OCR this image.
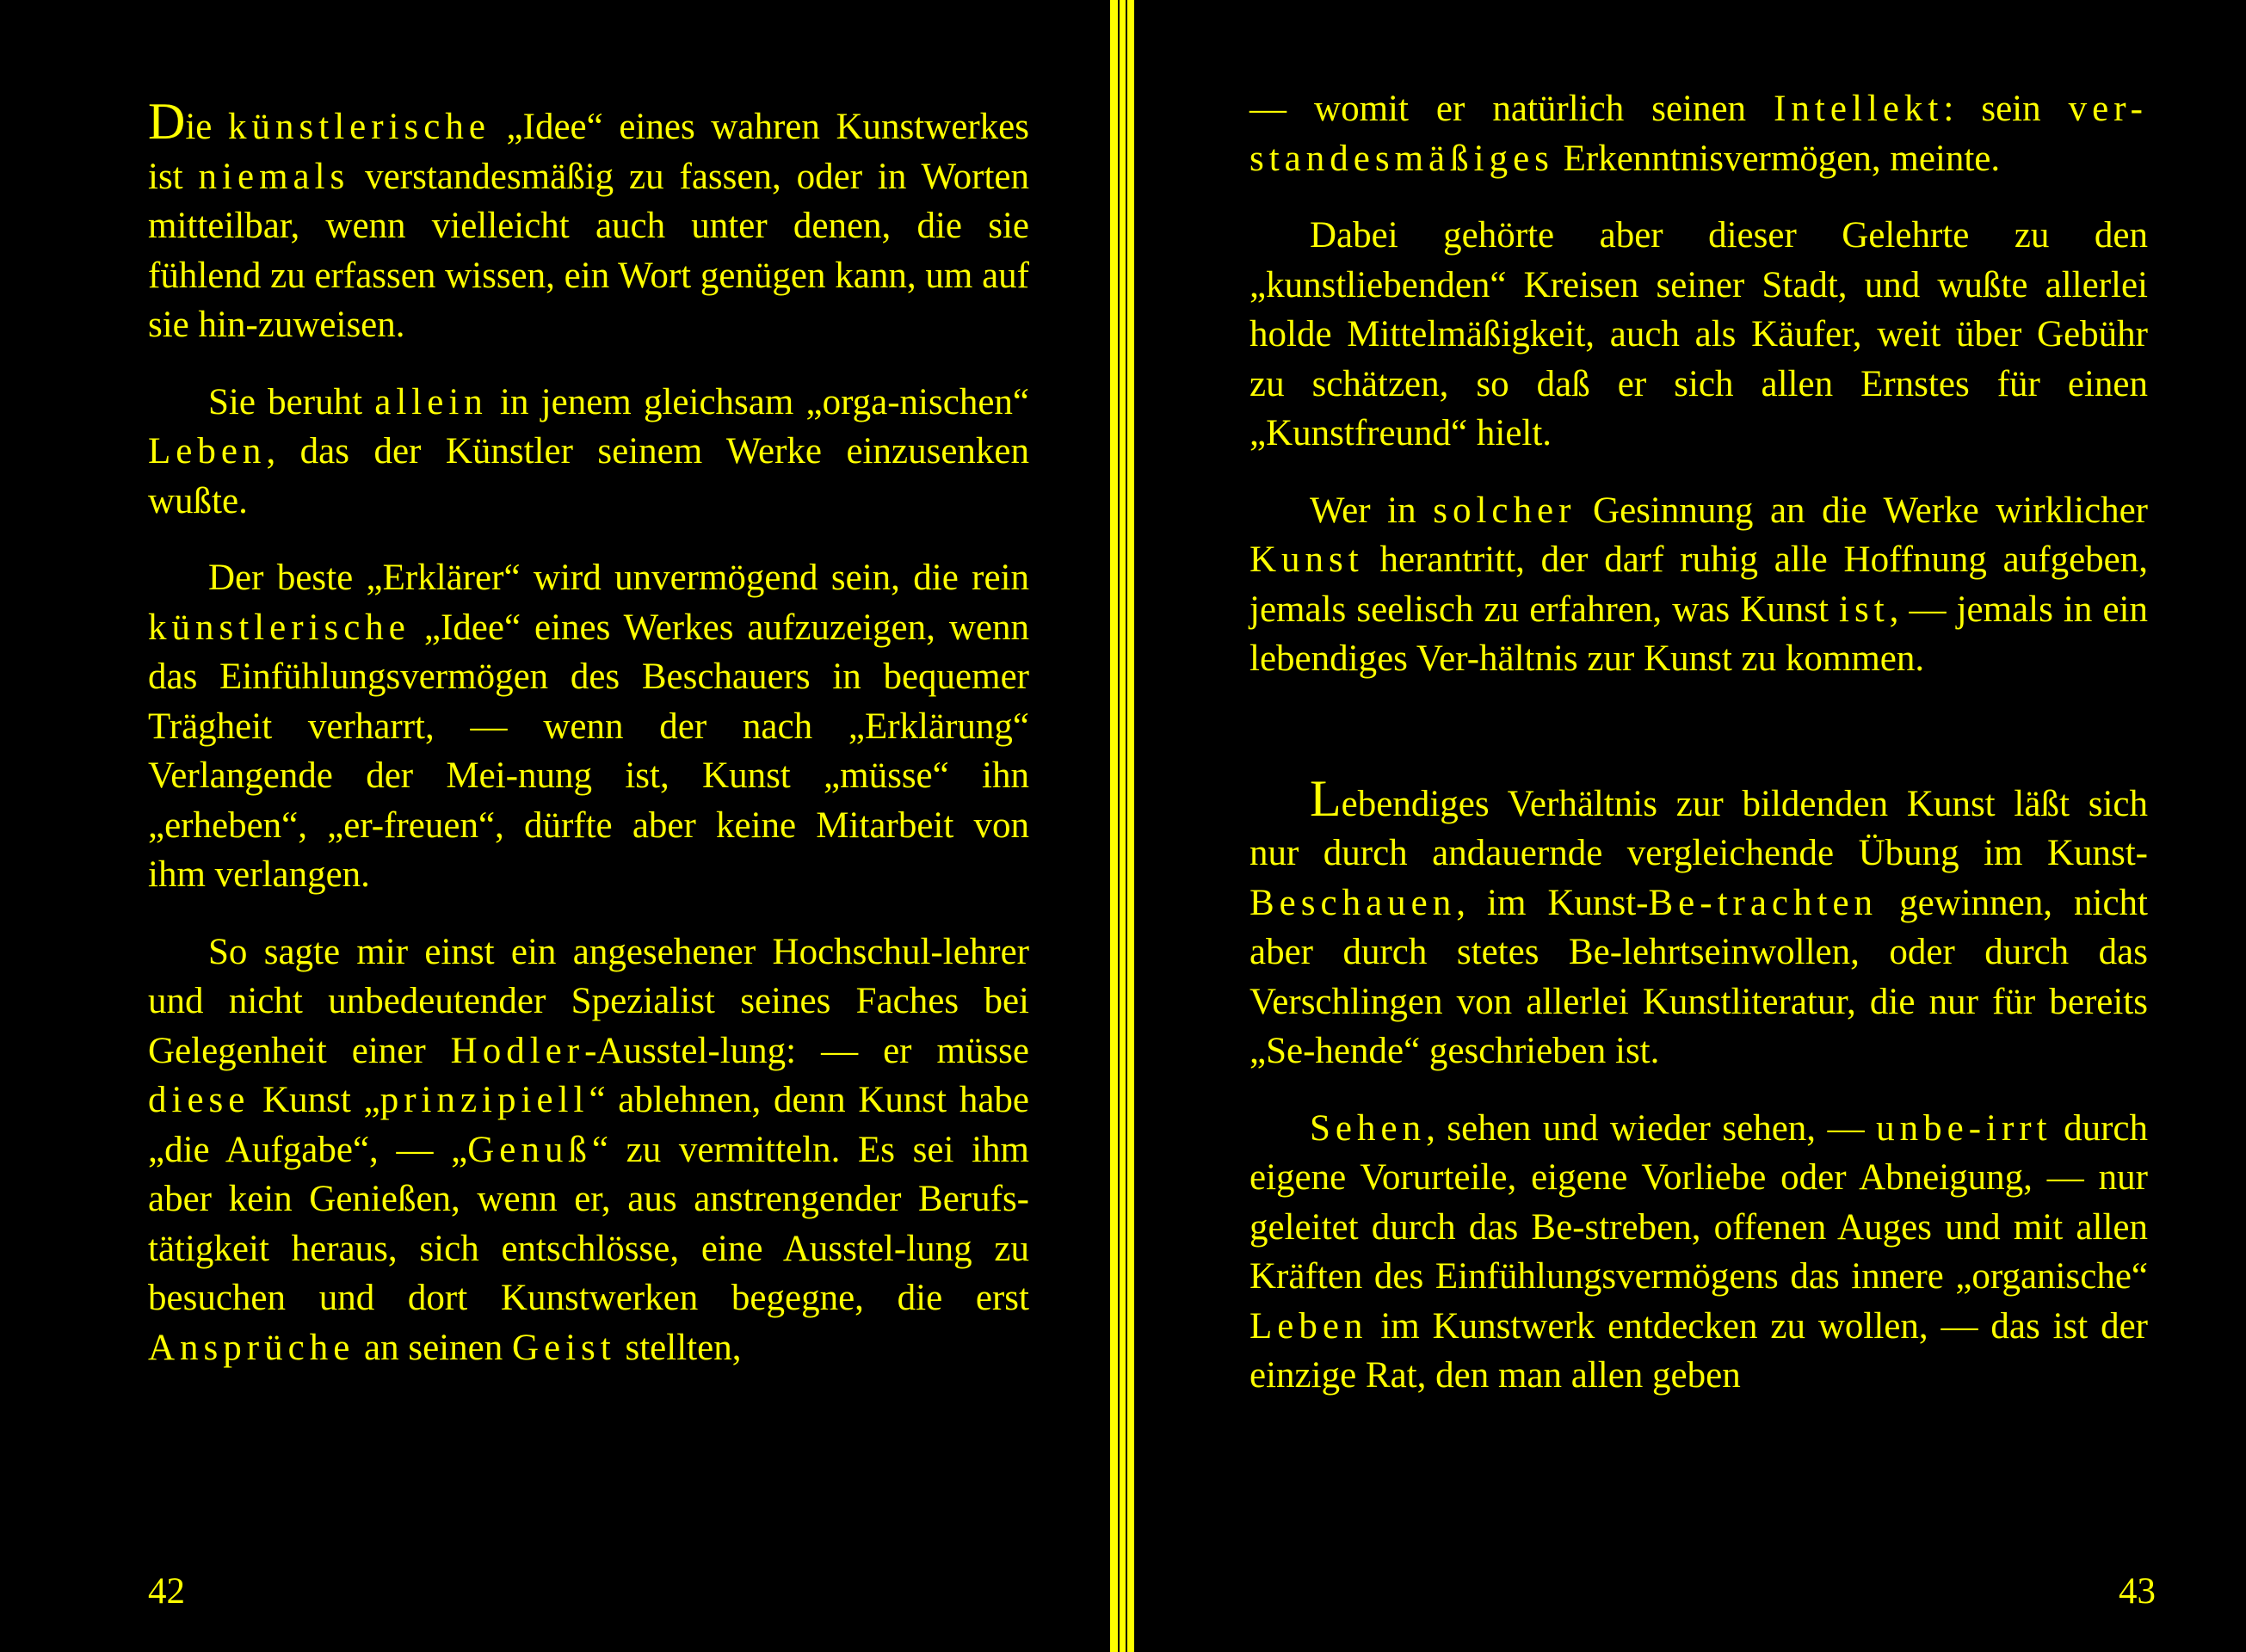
Die künstlerische „Idee“ eines wahren Kunstwerkes ist niemals verstandesmäßig zu fassen, oder in Worten mitteilbar, wenn vielleicht auch unter denen, die sie fühlend zu erfassen wissen, ein Wort genügen kann, um auf sie hin-zuweisen.

Sie beruht allein in jenem gleichsam „orga-nischen“ Leben, das der Künstler seinem Werke einzusenken wußte.

Der beste „Erklärer“ wird unvermögend sein, die rein künstlerische „Idee“ eines Werkes aufzuzeigen, wenn das Einfühlungsvermögen des Beschauers in bequemer Trägheit verharrt, — wenn der nach „Erklärung“ Verlangende der Mei-nung ist, Kunst „müsse“ ihn „erheben“, „er-freuen“, dürfte aber keine Mitarbeit von ihm verlangen.

So sagte mir einst ein angesehener Hochschul-lehrer und nicht unbedeutender Spezialist seines Faches bei Gelegenheit einer Hodler-Ausstel-lung: — er müsse diese Kunst „prinzipiell“ ablehnen, denn Kunst habe „die Aufgabe“, — „Genuß“ zu vermitteln. Es sei ihm aber kein Genießen, wenn er, aus anstrengender Berufs-tätigkeit heraus, sich entschlösse, eine Ausstel-lung zu besuchen und dort Kunstwerken begegne, die erst Ansprüche an seinen Geist stellten,

42

— womit er natürlich seinen Intellekt: sein ver-standesmäßiges Erkenntnisvermögen, meinte.

Dabei gehörte aber dieser Gelehrte zu den „kunstliebenden“ Kreisen seiner Stadt, und wußte allerlei holde Mittelmäßigkeit, auch als Käufer, weit über Gebühr zu schätzen, so daß er sich allen Ernstes für einen „Kunstfreund“ hielt.

Wer in solcher Gesinnung an die Werke wirklicher Kunst herantritt, der darf ruhig alle Hoffnung aufgeben, jemals seelisch zu erfahren, was Kunst ist, — jemals in ein lebendiges Ver-hältnis zur Kunst zu kommen.

Lebendiges Verhältnis zur bildenden Kunst läßt sich nur durch andauernde vergleichende Übung im Kunst-Beschauen, im Kunst-Be-trachten gewinnen, nicht aber durch stetes Be-lehrtseinwollen, oder durch das Verschlingen von allerlei Kunstliteratur, die nur für bereits „Se-hende“ geschrieben ist.

Sehen, sehen und wieder sehen, — unbe-irrt durch eigene Vorurteile, eigene Vorliebe oder Abneigung, — nur geleitet durch das Be-streben, offenen Auges und mit allen Kräften des Einfühlungsvermögens das innere „organische“ Leben im Kunstwerk entdecken zu wollen, — das ist der einzige Rat, den man allen geben

43
